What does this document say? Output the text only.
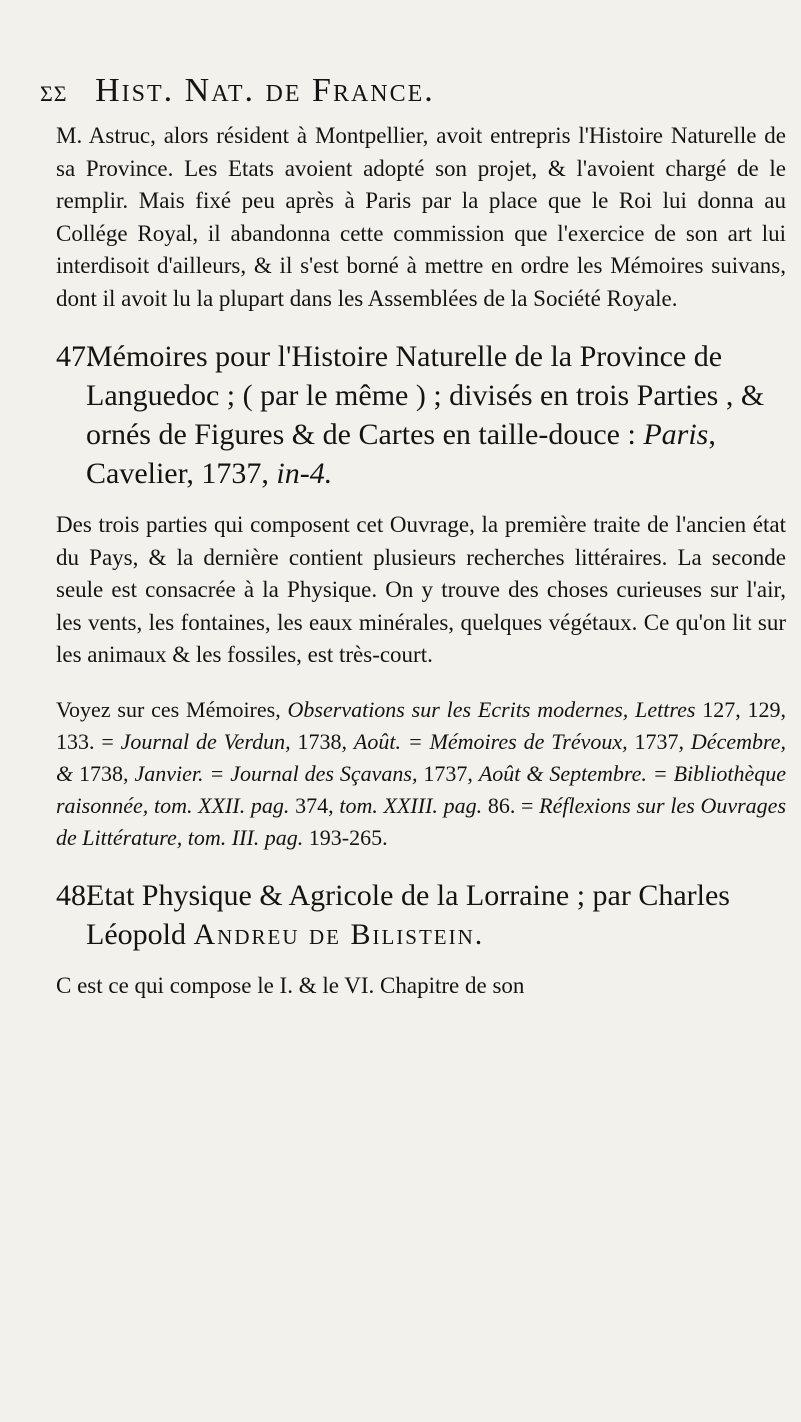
ΣΣ Hist. Nat. de France.

M. Astruc, alors résident à Montpellier, avoit entrepris l'Histoire Naturelle de sa Province. Les Etats avoient adopté son projet, & l'avoient chargé de le remplir. Mais fixé peu après à Paris par la place que le Roi lui donna au Collége Royal, il abandonna cette commission que l'exercice de son art lui interdisoit d'ailleurs, & il s'est borné à mettre en ordre les Mémoires suivans, dont il avoit lu la plupart dans les Assemblées de la Société Royale.

47.Mémoires pour l'Histoire Naturelle de la Province de Languedoc ; ( par le même ) ; divisés en trois Parties , & ornés de Figures & de Cartes en taille-douce : Paris, Cavelier, 1737, in-4.

Des trois parties qui composent cet Ouvrage, la première traite de l'ancien état du Pays, & la dernière contient plusieurs recherches littéraires. La seconde seule est consacrée à la Physique. On y trouve des choses curieuses sur l'air, les vents, les fontaines, les eaux minérales, quelques végétaux. Ce qu'on lit sur les animaux & les fossiles, est très-court.

Voyez sur ces Mémoires, Observations sur les Ecrits modernes, Lettres 127, 129, 133. = Journal de Verdun, 1738, Août. = Mémoires de Trévoux, 1737, Décembre, & 1738, Janvier. = Journal des Sçavans, 1737, Août & Septembre. = Bibliothèque raisonnée, tom. XXII. pag. 374, tom. XXIII. pag. 86. = Réflexions sur les Ouvrages de Littérature, tom. III. pag. 193-265.

48.Etat Physique & Agricole de la Lorraine ; par Charles Léopold Andreu de Bilistein.

C est ce qui compose le I. & le VI. Chapitre de son
